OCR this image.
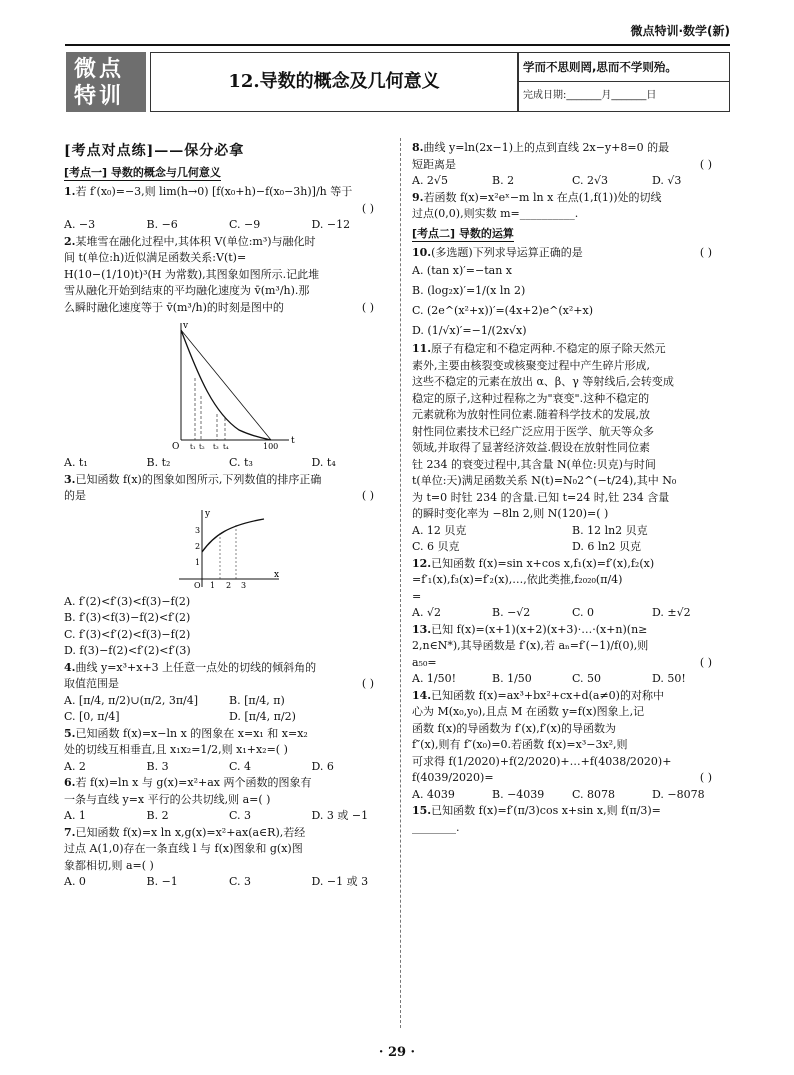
微点特训·数学(新)
微点
特训
12.导数的概念及几何意义
学而不思则罔,思而不学则殆。
完成日期:_______月_______日
[考点对点练]——保分必拿
[考点一] 导数的概念与几何意义

1.若 f′(x₀)=−3,则 lim(h→0) [f(x₀+h)−f(x₀−3h)]/h 等于

( )

A. −3	B. −6	C. −9	D. −12

2.某堆雪在融化过程中,其体积 V(单位:m³)与融化时

间 t(单位:h)近似满足函数关系:V(t)=

H(10−(1/10)t)³(H 为常数),其图象如图所示.记此堆

雪从融化开始到结束的平均融化速度为 v̄(m³/h).那

么瞬时融化速度等于 v̄(m³/h)的时刻是图中的	( )

v
t
O t₁ t₂ t₃ t₄	100
A. t₁	B. t₂	C. t₃	D. t₄

3.已知函数 f(x)的图象如图所示,下列数值的排序正确

的是	( )

y
x
O 1 2 3
1
2
3
A. f′(2)<f′(3)<f(3)−f(2)
B. f′(3)<f(3)−f(2)<f′(2)
C. f′(3)<f′(2)<f(3)−f(2)
D. f(3)−f(2)<f′(2)<f′(3)

4.曲线 y=x³+x+3 上任意一点处的切线的倾斜角的

取值范围是	( )

A. [π/4, π/2)∪(π/2, 3π/4]	B. [π/4, π)
C. [0, π/4]	D. [π/4, π/2)

5.已知函数 f(x)=x−ln x 的图象在 x=x₁ 和 x=x₂

处的切线互相垂直,且 x₁x₂=1/2,则 x₁+x₂=( )

A. 2	B. 3	C. 4	D. 6

6.若 f(x)=ln x 与 g(x)=x²+ax 两个函数的图象有

一条与直线 y=x 平行的公共切线,则 a=( )

A. 1	B. 2	C. 3	D. 3 或 −1

7.已知函数 f(x)=x ln x,g(x)=x²+ax(a∈R),若经

过点 A(1,0)存在一条直线 l 与 f(x)图象和 g(x)图

象都相切,则 a=( )

A. 0	B. −1	C. 3	D. −1 或 3

8.曲线 y=ln(2x−1)上的点到直线 2x−y+8=0 的最

短距离是	( )

A. 2√5	B. 2	C. 2√3	D. √3

9.若函数 f(x)=x²eˣ−m ln x 在点(1,f(1))处的切线

过点(0,0),则实数 m=__________.

[考点二] 导数的运算

10.(多选题)下列求导运算正确的是	( )

A. (tan x)′=−tan x
B. (log₂x)′=1/(x ln 2)
C. (2e^(x²+x))′=(4x+2)e^(x²+x)
D. (1/√x)′=−1/(2x√x)

11.原子有稳定和不稳定两种.不稳定的原子除天然元

素外,主要由核裂变或核聚变过程中产生碎片形成,

这些不稳定的元素在放出 α、β、γ 等射线后,会转变成

稳定的原子,这种过程称之为"衰变".这种不稳定的

元素就称为放射性同位素.随着科学技术的发展,放

射性同位素技术已经广泛应用于医学、航天等众多

领域,并取得了显著经济效益.假设在放射性同位素

钍 234 的衰变过程中,其含量 N(单位:贝克)与时间

t(单位:天)满足函数关系 N(t)=N₀2^(−t/24),其中 N₀

为 t=0 时钍 234 的含量.已知 t=24 时,钍 234 含量

的瞬时变化率为 −8ln 2,则 N(120)=( )

A. 12 贝克	B. 12 ln2 贝克
C. 6 贝克	D. 6 ln2 贝克

12.已知函数 f(x)=sin x+cos x,f₁(x)=f′(x),f₂(x)

=f′₁(x),f₃(x)=f′₂(x),…,依此类推,f₂₀₂₀(π/4)

=

A. √2	B. −√2	C. 0	D. ±√2

13.已知 f(x)=(x+1)(x+2)(x+3)·…·(x+n)(n≥

2,n∈N*),其导函数是 f′(x),若 aₙ=f′(−1)/f(0),则

a₅₀=	( )

A. 1/50!	B. 1/50	C. 50	D. 50!

14.已知函数 f(x)=ax³+bx²+cx+d(a≠0)的对称中

心为 M(x₀,y₀),且点 M 在函数 y=f(x)图象上,记

函数 f(x)的导函数为 f′(x),f′(x)的导函数为

f″(x),则有 f″(x₀)=0.若函数 f(x)=x³−3x²,则

可求得 f(1/2020)+f(2/2020)+…+f(4038/2020)+

f(4039/2020)=	( )

A. 4039	B. −4039	C. 8078	D. −8078

15.已知函数 f(x)=f′(π/3)cos x+sin x,则 f(π/3)=

________.

· 29 ·
